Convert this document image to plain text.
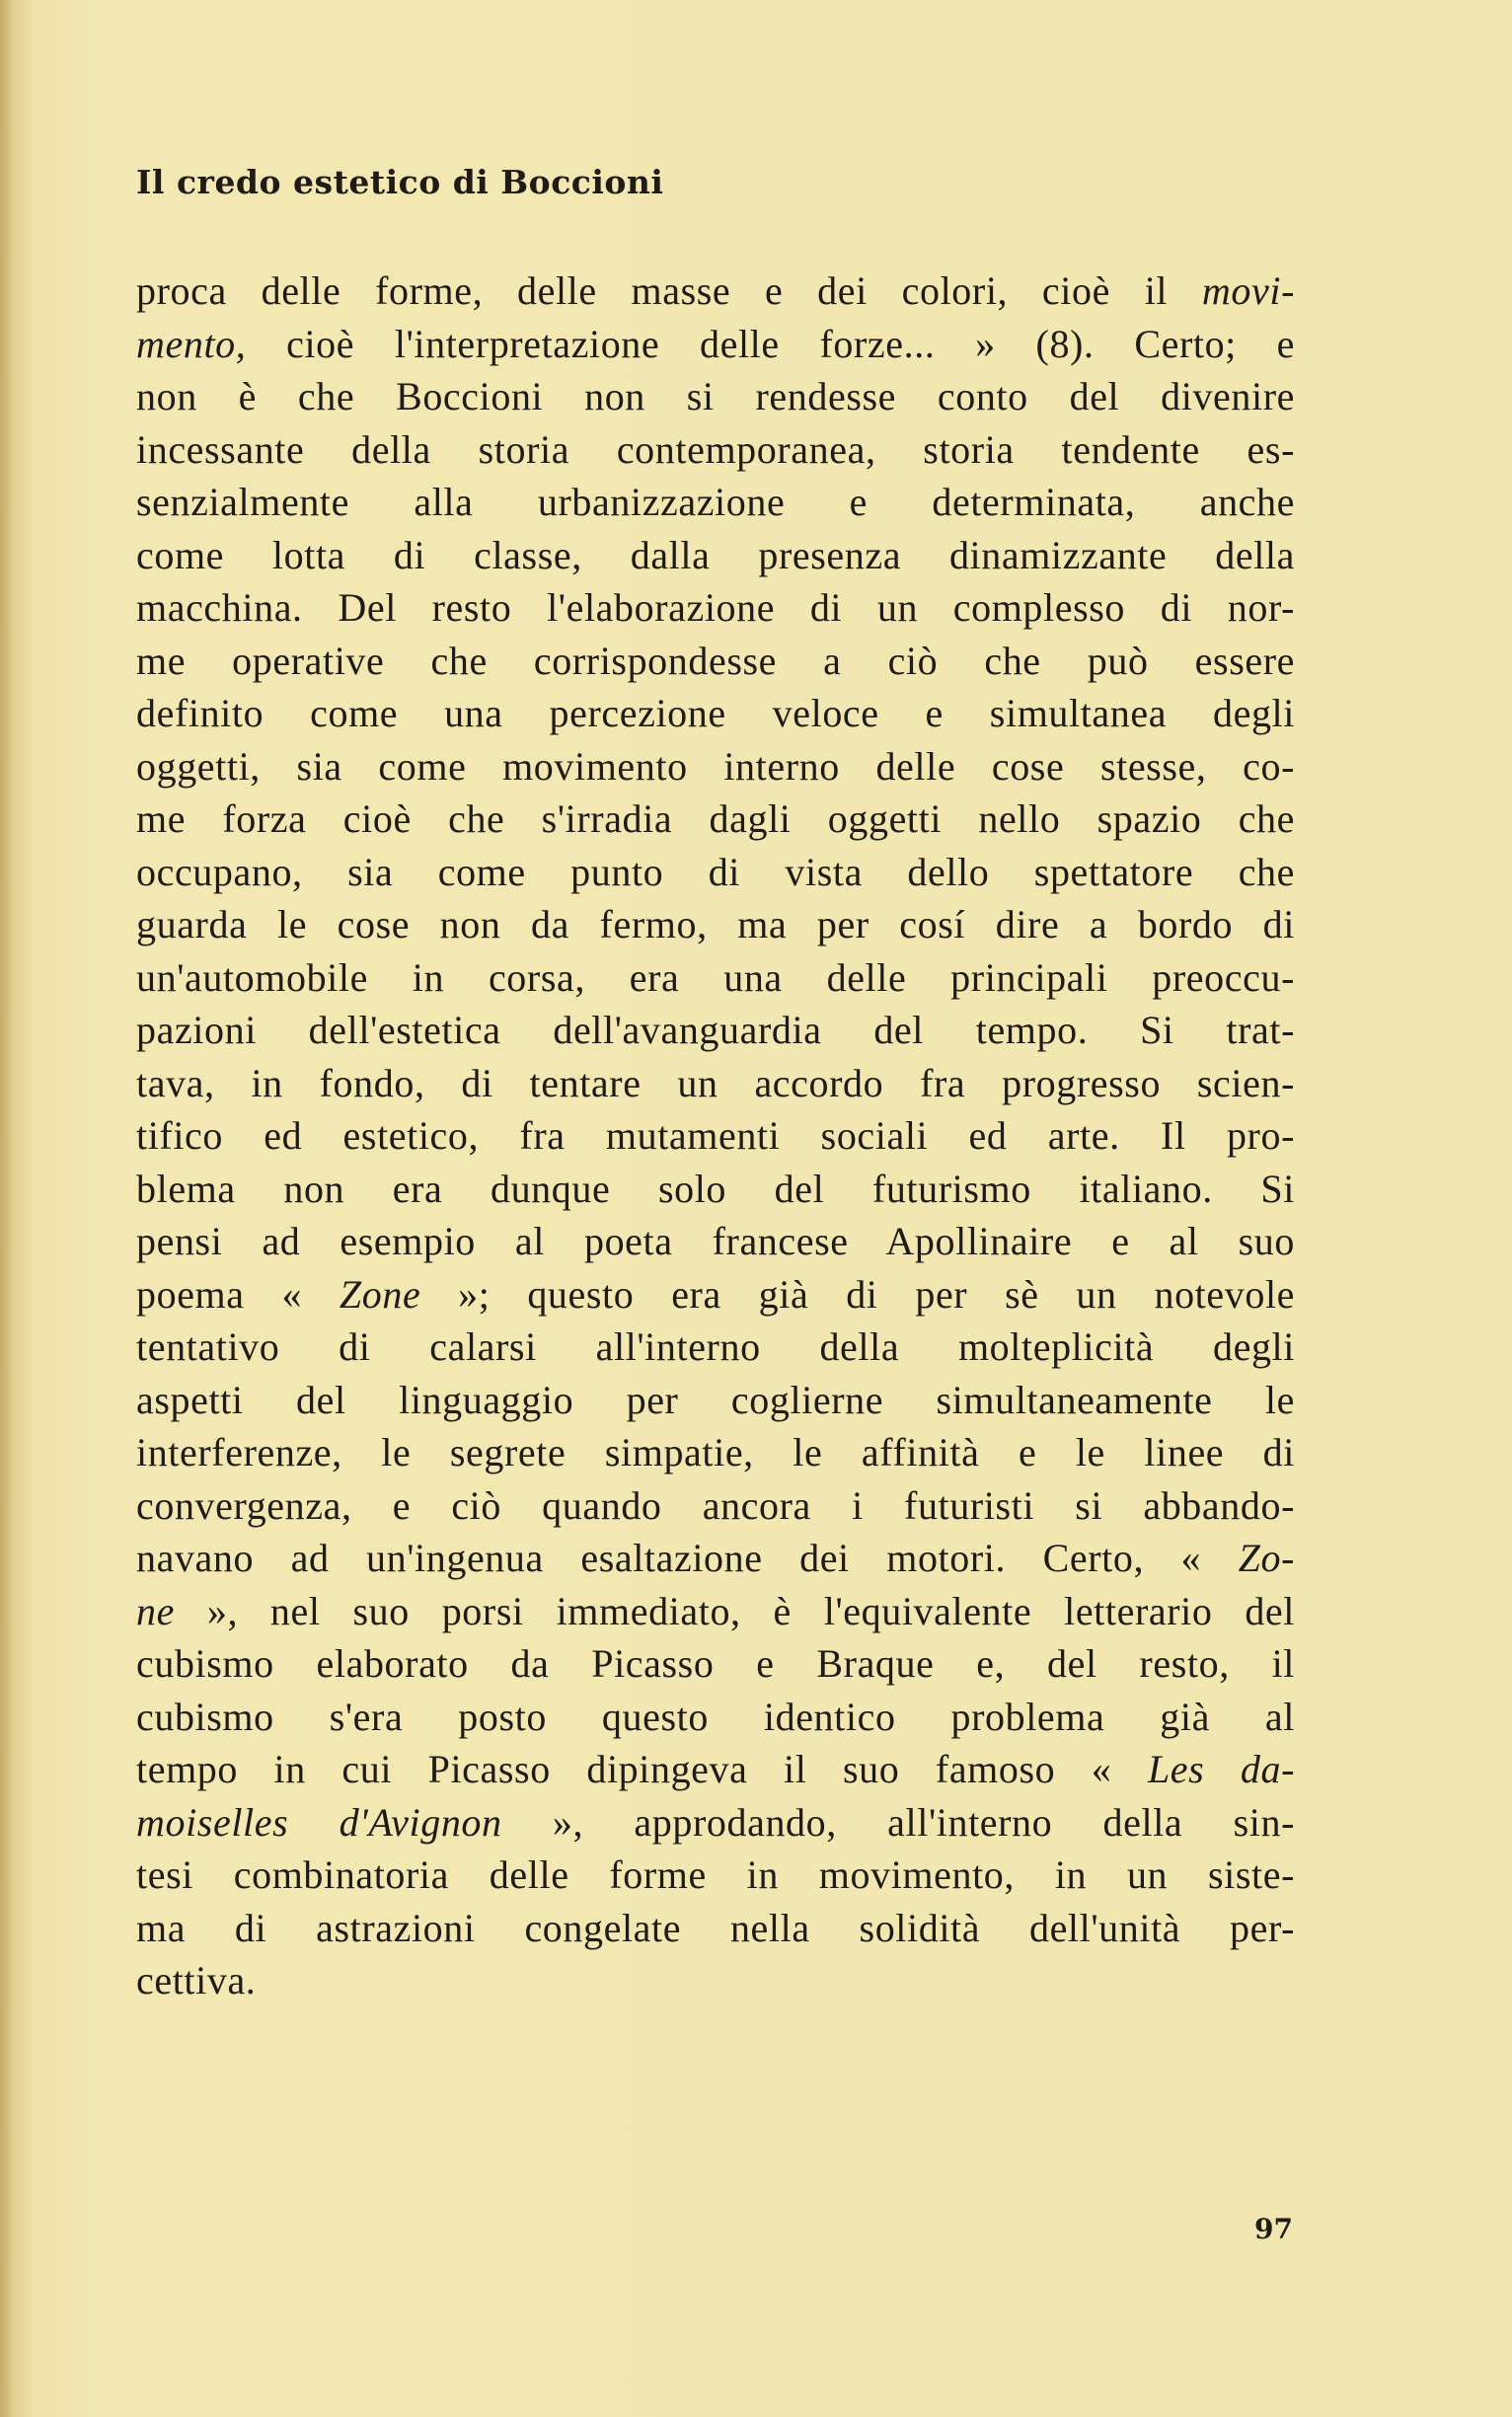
Il credo estetico di Boccioni
proca delle forme, delle masse e dei colori, cioè il movi-
mento, cioè l'interpretazione delle forze... » (8). Certo; e
non è che Boccioni non si rendesse conto del divenire
incessante della storia contemporanea, storia tendente es-
senzialmente alla urbanizzazione e determinata, anche
come lotta di classe, dalla presenza dinamizzante della
macchina. Del resto l'elaborazione di un complesso di nor-
me operative che corrispondesse a ciò che può essere
definito come una percezione veloce e simultanea degli
oggetti, sia come movimento interno delle cose stesse, co-
me forza cioè che s'irradia dagli oggetti nello spazio che
occupano, sia come punto di vista dello spettatore che
guarda le cose non da fermo, ma per cosí dire a bordo di
un'automobile in corsa, era una delle principali preoccu-
pazioni dell'estetica dell'avanguardia del tempo. Si trat-
tava, in fondo, di tentare un accordo fra progresso scien-
tifico ed estetico, fra mutamenti sociali ed arte. Il pro-
blema non era dunque solo del futurismo italiano. Si
pensi ad esempio al poeta francese Apollinaire e al suo
poema « Zone »; questo era già di per sè un notevole
tentativo di calarsi all'interno della molteplicità degli
aspetti del linguaggio per coglierne simultaneamente le
interferenze, le segrete simpatie, le affinità e le linee di
convergenza, e ciò quando ancora i futuristi si abbando-
navano ad un'ingenua esaltazione dei motori. Certo, « Zo-
ne », nel suo porsi immediato, è l'equivalente letterario del
cubismo elaborato da Picasso e Braque e, del resto, il
cubismo s'era posto questo identico problema già al
tempo in cui Picasso dipingeva il suo famoso « Les da-
moiselles d'Avignon », approdando, all'interno della sin-
tesi combinatoria delle forme in movimento, in un siste-
ma di astrazioni congelate nella solidità dell'unità per-
cettiva.
97
